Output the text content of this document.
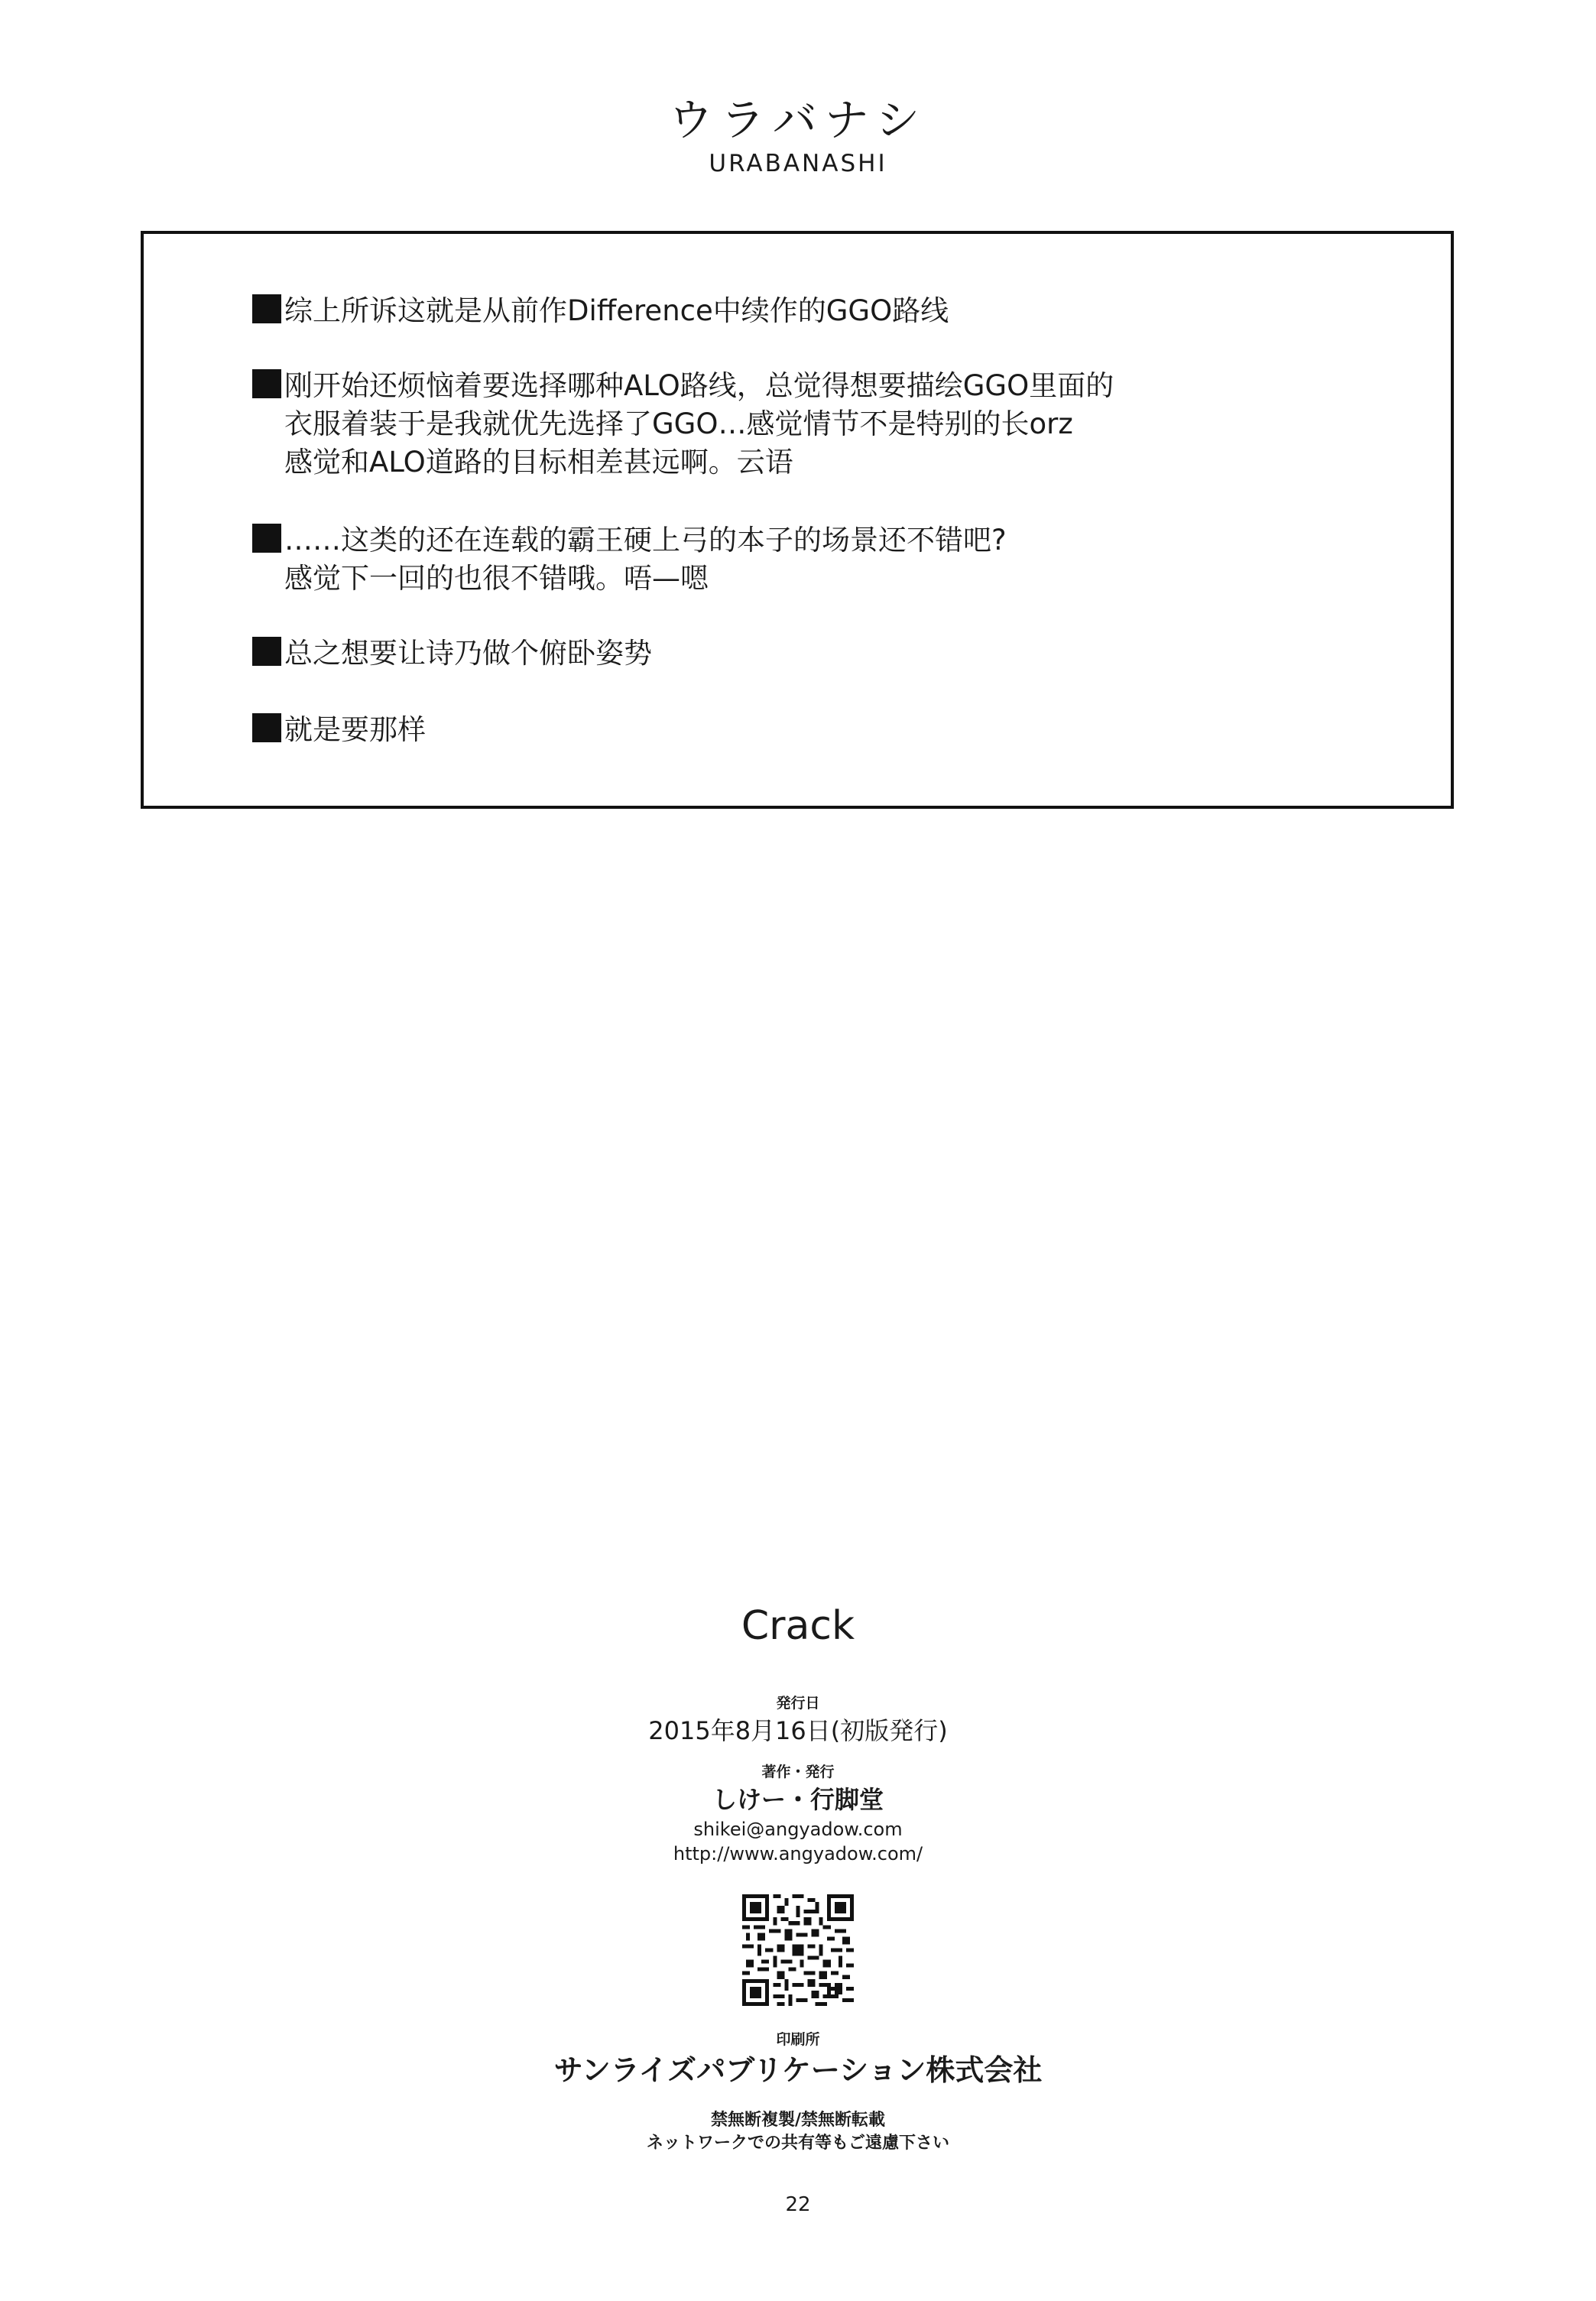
ウラバナシ
URABANASHI
综上所诉这就是从前作Difference中续作的GGO路线
刚开始还烦恼着要选择哪种ALO路线，总觉得想要描绘GGO里面的
衣服着装于是我就优先选择了GGO…感觉情节不是特别的长orz
感觉和ALO道路的目标相差甚远啊。云语
……这类的还在连载的霸王硬上弓的本子的场景还不错吧?
感觉下一回的也很不错哦。唔—嗯
总之想要让诗乃做个俯卧姿势
就是要那样
Crack
発行日
2015年8月16日(初版発行)
著作・発行
しけー・行脚堂
shikei@angyadow.com
http://www.angyadow.com/
印刷所
サンライズパブリケーション株式会社
禁無断複製/禁無断転載
ネットワークでの共有等もご遠慮下さい
22
